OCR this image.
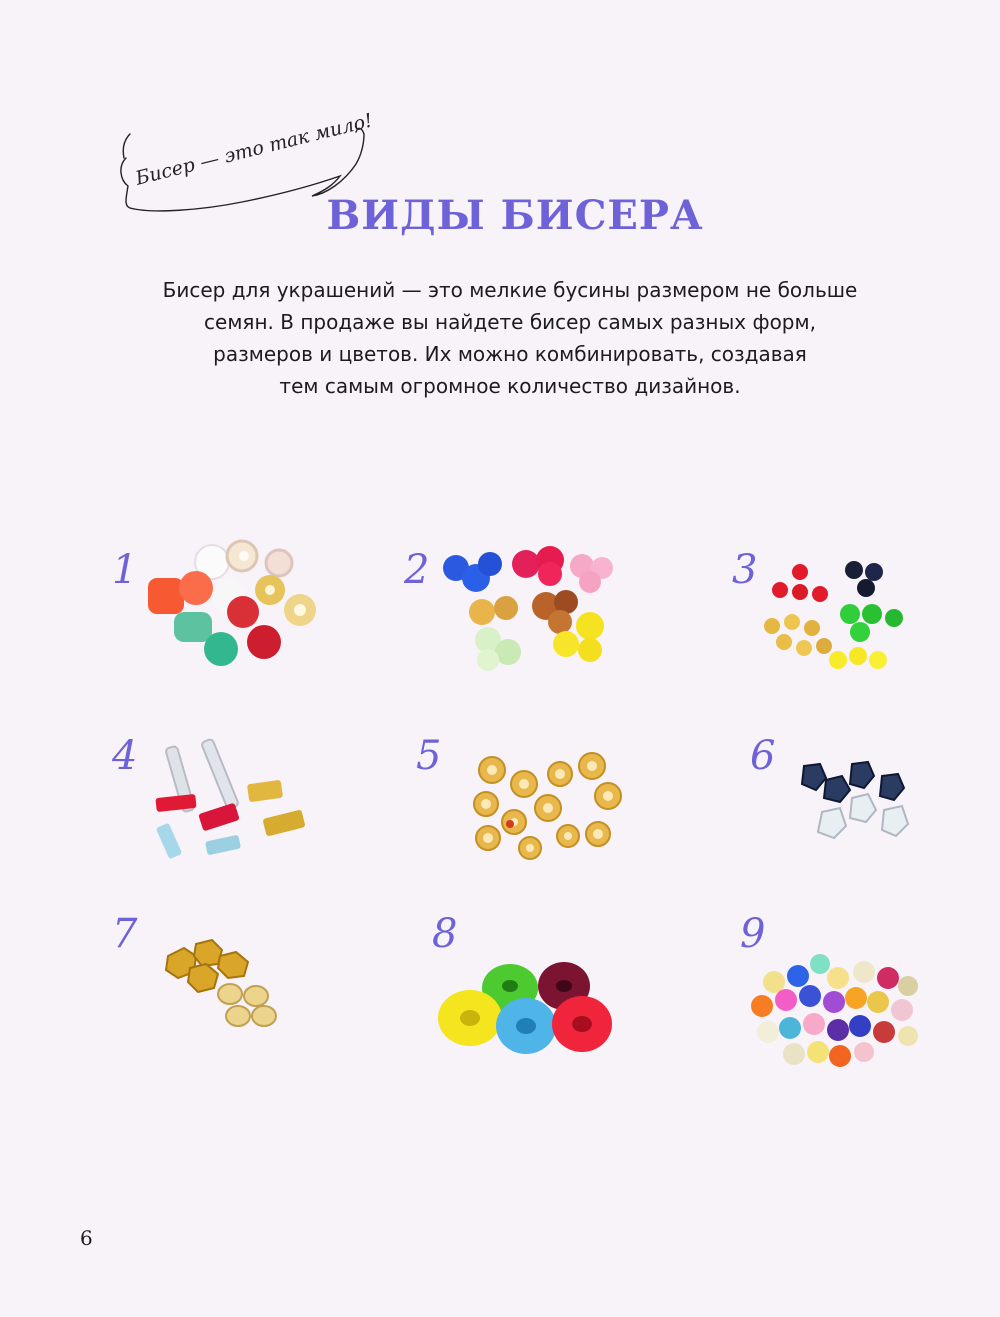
Бисер — это так мило!
ВИДЫ БИСЕРА

Бисер для украшений — это мелкие бусины размером не больше
семян. В продаже вы найдете бисер самых разных форм,
размеров и цветов. Их можно комбинировать, создавая
тем самым огромное количество дизайнов.

1	2	3
4	5	6
7	8	9
6
